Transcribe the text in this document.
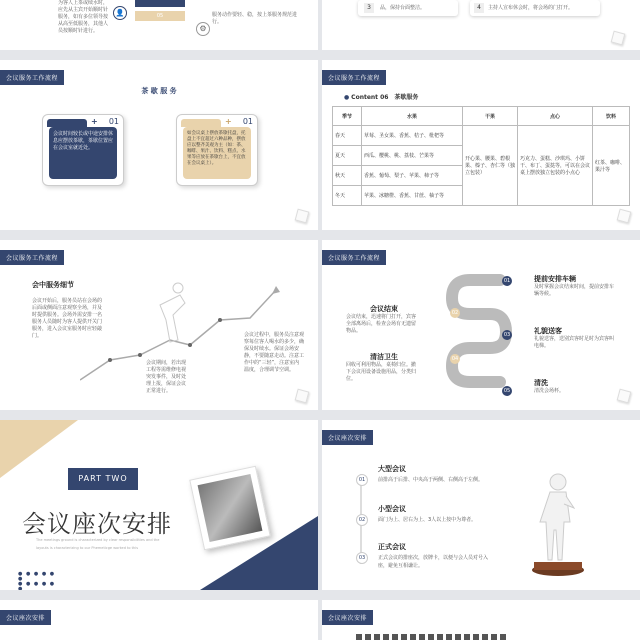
为客人上茶或续水时，应先从主宾开始顺时针服务，如有多位领导按从高至低服务，其他人员按顺时针进行。
👤	05
⚙
服务动作要轻、稳，按上茶服务规范进行。
3	品，保持台面整洁。	4	主持人宣布休会时，将会场的门打开。
会议服务工作流程
茶 歇 服 务
+ 01
会议时间较长或中途安排休息应摆放茶歇，茶歇位置应在会议室就近处。
+ 01
如会议桌上摆放茶歇托盘，托盘上不宜超过六种品种，摆放应以整齐美观为主（如：茶、咖啡、果汁、饮料、糕点、水果等应放在茶歇台上，不宜放在会议桌上）。
会议服务工作流程
● Content 06 茶歇服务
季节	水果	干果	点心	饮料
春天	草莓、圣女果、香蕉、桔子、枇杷等	开心果、腰果、碧根果、榛子、杏仁等（独立包装）	巧克力、蛋糕、沙琪玛、小饼干、布丁、蛋挞等，可以在会议桌上摆放独立包装的小点心	红茶、咖啡、果汁等
夏天	西瓜、樱桃、桃、荔枝、芒果等			
秋天	香蕉、葡萄、梨子、苹果、柿子等			
冬天	苹果、冰糖橙、香蕉、甘蔗、柚子等			
会议服务工作流程
会中服务细节
会议开始后，服务员站在会场的后面或侧面注意观察全场，并及时提供服务。会场外需安排一名服务人员随时为客人提供开关门服务，进入会议室服务时应轻敲门。
会议期间，若出现工程等需维修电视突发事件，及时处理上报，保证会议正常进行。
会议过程中，服务员注意观察每位客人喝水的多少，确保及时续水。保证会场安静，不要随意走动。注意工作中的“三轻”，注意室内温度，合理调节空调。
会议服务工作流程
01
02
03
04
05
提前安排车辆
及时掌握会议结束时间，提前安排车辆等候。
会议结束
会议结束，迅速将门打开，宾客全部离场后，检查会场有无遗留物品。	礼貌送客
礼貌送客，送别宾客时足时为宾客叫电梯。
清洁卫生
回收可利用物品，桌椅归位。撤下会议用设备设施用品，分类归位。	清洗
清洗会场杯。
PART TWO
会议座次安排
The meetings ground is characterized by clear responsibilities and the
layouts is characterizing to our Phemeticge worked to this
● ● ● ● ● ●
● ● ● ● ● ●
会议座次安排
01
02
03
大型会议
前排高于后排、中央高于两侧、右侧高于左侧。
小型会议
面门为上、居右为上、3人以上按中为尊者。
正式会议
正式会议的排座次，放牌卡，以便与会人员对号入座，避免互相谦让。
会议座次安排	会议座次安排
